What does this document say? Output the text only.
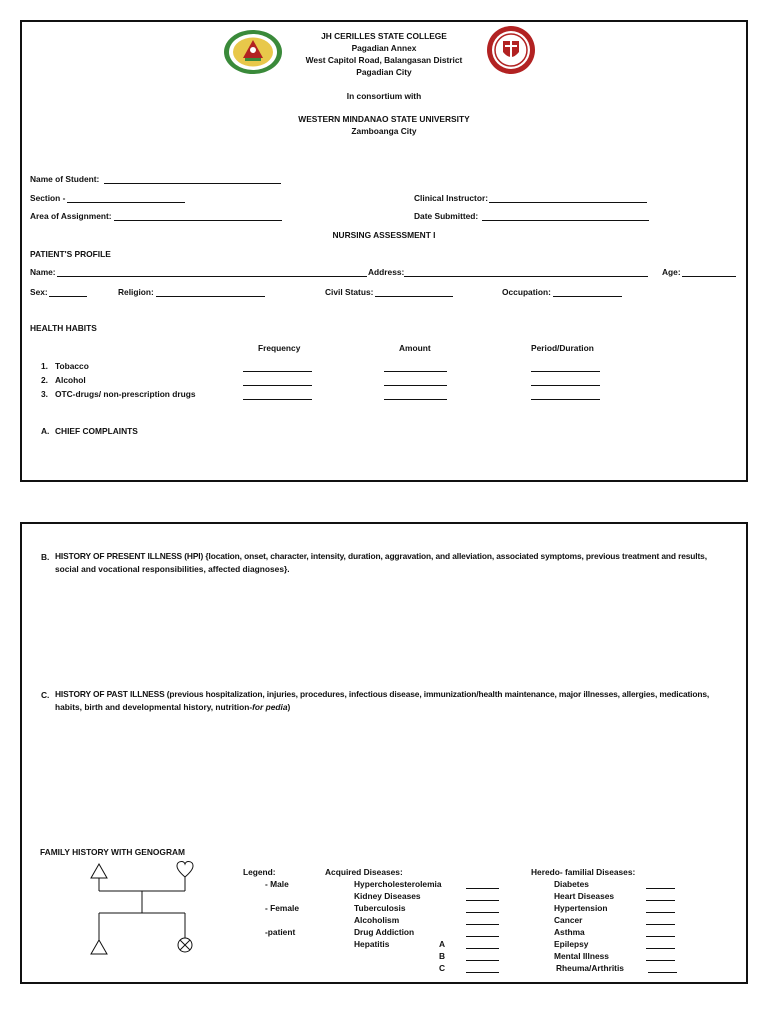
JH CERILLES STATE COLLEGE
Pagadian Annex
West Capitol Road, Balangasan District
Pagadian City
In consortium with
WESTERN MINDANAO STATE UNIVERSITY
Zamboanga City
Name of Student:
Section -
Area of Assignment:
Clinical Instructor:
Date Submitted:
NURSING ASSESSMENT I
PATIENT'S PROFILE
Name:	Address:	Age:
Sex:	Religion:	Civil Status:	Occupation:
HEALTH HABITS
Frequency	Amount	Period/Duration
1. Tobacco
2. Alcohol
3. OTC-drugs/ non-prescription drugs
A. CHIEF COMPLAINTS
B. HISTORY OF PRESENT ILLNESS (HPI) {location, onset, character, intensity, duration, aggravation, and alleviation, associated symptoms, previous treatment and results,
social and vocational responsibilities, affected diagnoses}.
C. HISTORY OF PAST ILLNESS (previous hospitalization, injuries, procedures, infectious disease, immunization/health maintenance, major illnesses, allergies, medications,
habits, birth and developmental history, nutrition-for pedia)
FAMILY HISTORY WITH GENOGRAM
Legend:
- Male
- Female
-patient
Acquired Diseases:
Hypercholesterolemia
Kidney Diseases
Tuberculosis
Alcoholism
Drug Addiction
Hepatitis	A
B
C
Heredo- familial Diseases:
Diabetes
Heart Diseases
Hypertension
Cancer
Asthma
Epilepsy
Mental Illness
Rheuma/Arthritis
